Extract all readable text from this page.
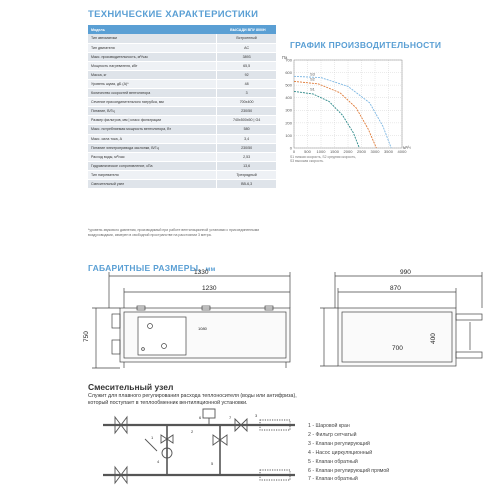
ТЕХНИЧЕСКИЕ ХАРАКТЕРИСТИКИ
Модель	ВЫСАДИ ВПУ 800/Н
Тип автоматики	Встроенный
Тип двигателя	AC
Макс. производительность, м³/час	3893
Мощность нагревателя, кВт	65,5
Масса, кг	92
Уровень шума, дБ (А)*	48
Количество скоростей вентилятора	3
Сечение присоединительного патрубка, мм	700х400
Питание, В/Гц	230/50
Размер фильтров, мм | класс фильтрации	740х500х50 | G4
Макс. потребляемая мощность вентилятора, Вт	580
Макс. сила тока, А	3,4
Питание электропривода заслонки, В/Гц	230/50
Расход воды, м³/час	2,53
Гидравлическое сопротивление, кПа	13,6
Тип нагревателя	Трехрядный
Смесительный узел	ВВ-6,3
*уровень звукового давления, производимый при работе вентиляционной установки с присоединенными воздуховодами, измерен в свободной пространстве на расстоянии 3 метра.
ГРАФИК ПРОИЗВОДИТЕЛЬНОСТИ
0
100
200
300
400
500
600
700
0 500 1000 1500 2000 2500 3000 3500 4000
Па
м³/ч
S1
S2
S3
S1 низкая скорость, S2 средняя скорость,
S3 высокая скорость.
ГАБАРИТНЫЕ РАЗМЕРЫ, мм
1330
1230
750
1080
990
870
700
400
Смесительный узел
Служит для плавного регулирования расхода теплоносителя (воды или антифриза), который поступает в теплообменник вентиляционной установки.
1
2
6	7	3
4	5
1 - Шаровой кран
2 - Фильтр сетчатый
3 - Клапан регулирующий
4 - Насос циркуляционный
5 - Клапан обратный
6 - Клапан регулирующий прямой
7 - Клапан обратный
